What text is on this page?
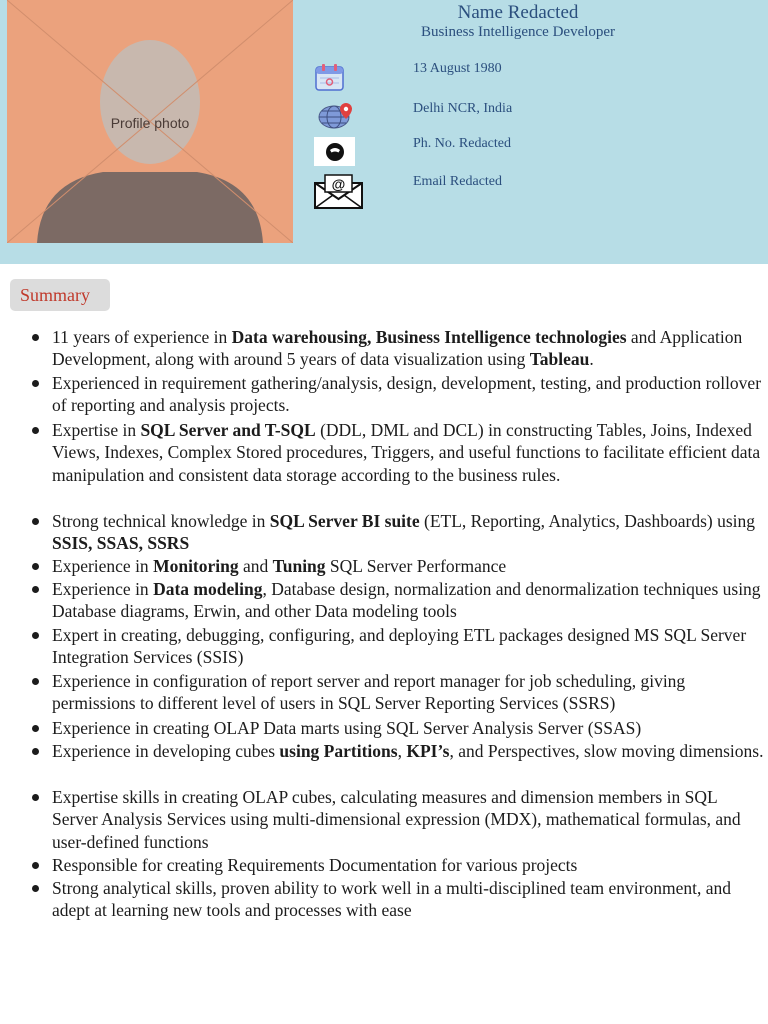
Profile photo
Name Redacted
Business Intelligence Developer
13 August 1980
Delhi NCR, India
Ph. No. Redacted
@	Email Redacted
Summary
11 years of experience in Data warehousing, Business Intelligence technologies and Application Development, along with around 5 years of data visualization using Tableau.
Experienced in requirement gathering/analysis, design, development, testing, and production rollover of reporting and analysis projects.
Expertise in SQL Server and T-SQL (DDL, DML and DCL) in constructing Tables, Joins, Indexed Views, Indexes, Complex Stored procedures, Triggers, and useful functions to facilitate efficient data manipulation and consistent data storage according to the business rules.
Strong technical knowledge in SQL Server BI suite (ETL, Reporting, Analytics, Dashboards) using SSIS, SSAS, SSRS
Experience in Monitoring and Tuning SQL Server Performance
Experience in Data modeling, Database design, normalization and denormalization techniques using Database diagrams, Erwin, and other Data modeling tools
Expert in creating, debugging, configuring, and deploying ETL packages designed MS SQL Server Integration Services (SSIS)
Experience in configuration of report server and report manager for job scheduling, giving permissions to different level of users in SQL Server Reporting Services (SSRS)
Experience in creating OLAP Data marts using SQL Server Analysis Server (SSAS)
Experience in developing cubes using Partitions, KPI’s, and Perspectives, slow moving dimensions.
Expertise skills in creating OLAP cubes, calculating measures and dimension members in SQL Server Analysis Services using multi-dimensional expression (MDX), mathematical formulas, and user-defined functions
Responsible for creating Requirements Documentation for various projects
Strong analytical skills, proven ability to work well in a multi-disciplined team environment, and adept at learning new tools and processes with ease
